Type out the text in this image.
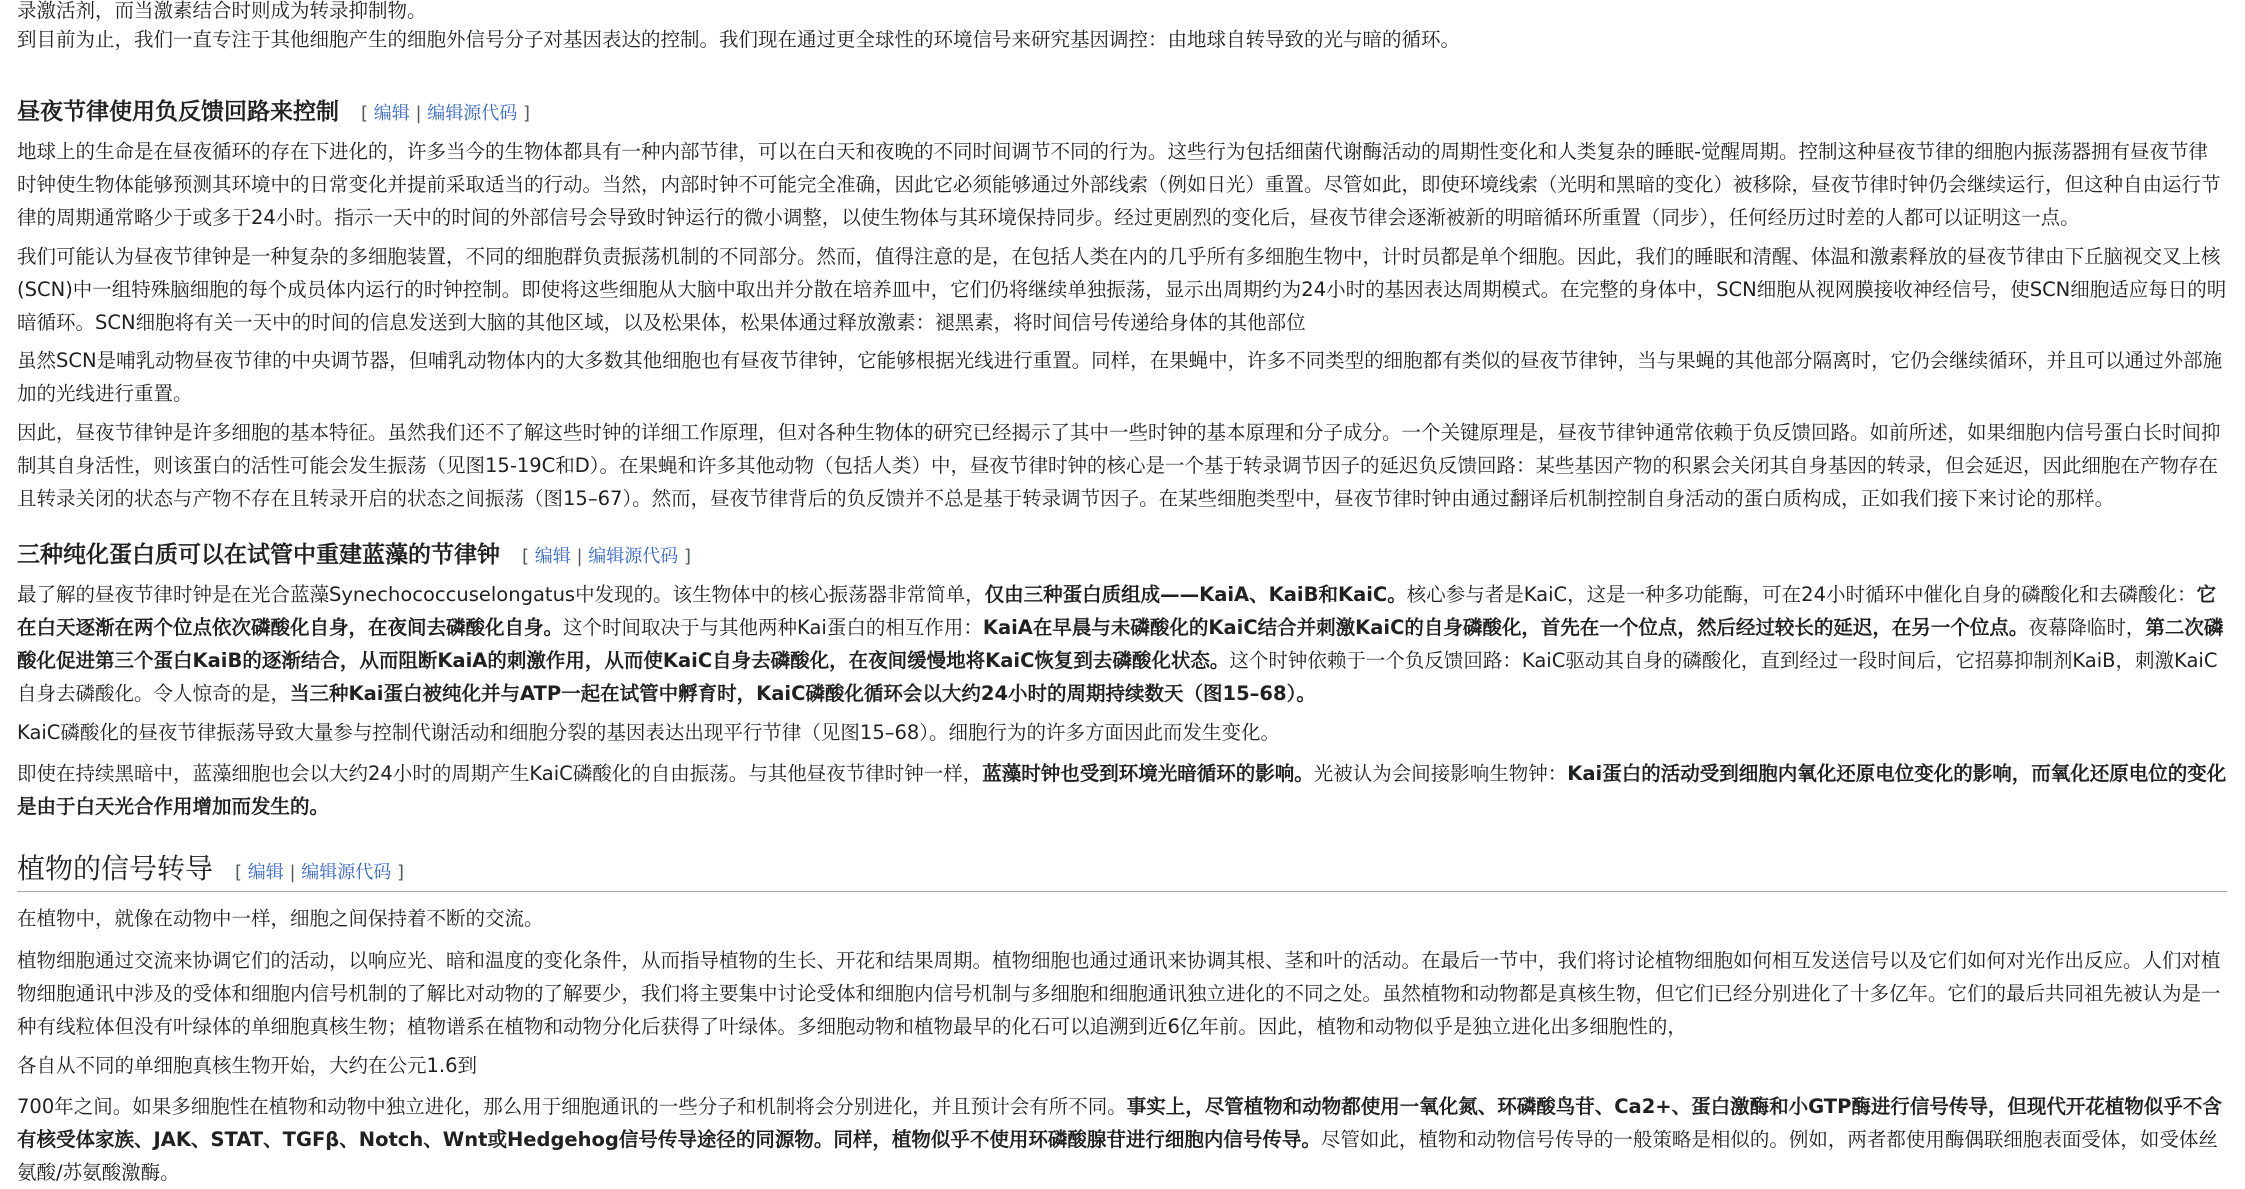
录激活剂，而当激素结合时则成为转录抑制物。

到目前为止，我们一直专注于其他细胞产生的细胞外信号分子对基因表达的控制。我们现在通过更全球性的环境信号来研究基因调控：由地球自转导致的光与暗的循环。

昼夜节律使用负反馈回路来控制 [ 编辑 | 编辑源代码 ]

地球上的生命是在昼夜循环的存在下进化的，许多当今的生物体都具有一种内部节律，可以在白天和夜晚的不同时间调节不同的行为。这些行为包括细菌代谢酶活动的周期性变化和人类复杂的睡眠-觉醒周期。控制这种昼夜节律的细胞内振荡器拥有昼夜节律时钟使生物体能够预测其环境中的日常变化并提前采取适当的行动。当然，内部时钟不可能完全准确，因此它必须能够通过外部线索（例如日光）重置。尽管如此，即使环境线索（光明和黑暗的变化）被移除，昼夜节律时钟仍会继续运行，但这种自由运行节律的周期通常略少于或多于24小时。指示一天中的时间的外部信号会导致时钟运行的微小调整，以使生物体与其环境保持同步。经过更剧烈的变化后，昼夜节律会逐渐被新的明暗循环所重置（同步），任何经历过时差的人都可以证明这一点。

我们可能认为昼夜节律钟是一种复杂的多细胞装置，不同的细胞群负责振荡机制的不同部分。然而，值得注意的是，在包括人类在内的几乎所有多细胞生物中，计时员都是单个细胞。因此，我们的睡眠和清醒、体温和激素释放的昼夜节律由下丘脑视交叉上核(SCN)中一组特殊脑细胞的每个成员体内运行的时钟控制。即使将这些细胞从大脑中取出并分散在培养皿中，它们仍将继续单独振荡，显示出周期约为24小时的基因表达周期模式。在完整的身体中，SCN细胞从视网膜接收神经信号，使SCN细胞适应每日的明暗循环。SCN细胞将有关一天中的时间的信息发送到大脑的其他区域，以及松果体，松果体通过释放激素：褪黑素，将时间信号传递给身体的其他部位

虽然SCN是哺乳动物昼夜节律的中央调节器，但哺乳动物体内的大多数其他细胞也有昼夜节律钟，它能够根据光线进行重置。同样，在果蝇中，许多不同类型的细胞都有类似的昼夜节律钟，当与果蝇的其他部分隔离时，它仍会继续循环，并且可以通过外部施加的光线进行重置。

因此，昼夜节律钟是许多细胞的基本特征。虽然我们还不了解这些时钟的详细工作原理，但对各种生物体的研究已经揭示了其中一些时钟的基本原理和分子成分。一个关键原理是，昼夜节律钟通常依赖于负反馈回路。如前所述，如果细胞内信号蛋白长时间抑制其自身活性，则该蛋白的活性可能会发生振荡（见图15-19C和D）。在果蝇和许多其他动物（包括人类）中，昼夜节律时钟的核心是一个基于转录调节因子的延迟负反馈回路：某些基因产物的积累会关闭其自身基因的转录，但会延迟，因此细胞在产物存在且转录关闭的状态与产物不存在且转录开启的状态之间振荡（图15–67）。然而，昼夜节律背后的负反馈并不总是基于转录调节因子。在某些细胞类型中，昼夜节律时钟由通过翻译后机制控制自身活动的蛋白质构成，正如我们接下来讨论的那样。

三种纯化蛋白质可以在试管中重建蓝藻的节律钟 [ 编辑 | 编辑源代码 ]

最了解的昼夜节律时钟是在光合蓝藻Synechococcuselongatus中发现的。该生物体中的核心振荡器非常简单，仅由三种蛋白质组成——KaiA、KaiB和KaiC。核心参与者是KaiC，这是一种多功能酶，可在24小时循环中催化自身的磷酸化和去磷酸化：它在白天逐渐在两个位点依次磷酸化自身，在夜间去磷酸化自身。这个时间取决于与其他两种Kai蛋白的相互作用：KaiA在早晨与未磷酸化的KaiC结合并刺激KaiC的自身磷酸化，首先在一个位点，然后经过较长的延迟，在另一个位点。夜幕降临时，第二次磷酸化促进第三个蛋白KaiB的逐渐结合，从而阻断KaiA的刺激作用，从而使KaiC自身去磷酸化，在夜间缓慢地将KaiC恢复到去磷酸化状态。这个时钟依赖于一个负反馈回路：KaiC驱动其自身的磷酸化，直到经过一段时间后，它招募抑制剂KaiB，刺激KaiC自身去磷酸化。令人惊奇的是，当三种Kai蛋白被纯化并与ATP一起在试管中孵育时，KaiC磷酸化循环会以大约24小时的周期持续数天（图15–68）。

KaiC磷酸化的昼夜节律振荡导致大量参与控制代谢活动和细胞分裂的基因表达出现平行节律（见图15–68）。细胞行为的许多方面因此而发生变化。

即使在持续黑暗中，蓝藻细胞也会以大约24小时的周期产生KaiC磷酸化的自由振荡。与其他昼夜节律时钟一样，蓝藻时钟也受到环境光暗循环的影响。光被认为会间接影响生物钟：Kai蛋白的活动受到细胞内氧化还原电位变化的影响，而氧化还原电位的变化是由于白天光合作用增加而发生的。

植物的信号转导 [ 编辑 | 编辑源代码 ]

在植物中，就像在动物中一样，细胞之间保持着不断的交流。

植物细胞通过交流来协调它们的活动，以响应光、暗和温度的变化条件，从而指导植物的生长、开花和结果周期。植物细胞也通过通讯来协调其根、茎和叶的活动。在最后一节中，我们将讨论植物细胞如何相互发送信号以及它们如何对光作出反应。人们对植物细胞通讯中涉及的受体和细胞内信号机制的了解比对动物的了解要少，我们将主要集中讨论受体和细胞内信号机制与多细胞和细胞通讯独立进化的不同之处。虽然植物和动物都是真核生物，但它们已经分别进化了十多亿年。它们的最后共同祖先被认为是一种有线粒体但没有叶绿体的单细胞真核生物；植物谱系在植物和动物分化后获得了叶绿体。多细胞动物和植物最早的化石可以追溯到近6亿年前。因此，植物和动物似乎是独立进化出多细胞性的，

各自从不同的单细胞真核生物开始，大约在公元1.6到

700年之间。如果多细胞性在植物和动物中独立进化，那么用于细胞通讯的一些分子和机制将会分别进化，并且预计会有所不同。事实上，尽管植物和动物都使用一氧化氮、环磷酸鸟苷、Ca2+、蛋白激酶和小GTP酶进行信号传导，但现代开花植物似乎不含有核受体家族、JAK、STAT、TGFβ、Notch、Wnt或Hedgehog信号传导途径的同源物。同样，植物似乎不使用环磷酸腺苷进行细胞内信号传导。尽管如此，植物和动物信号传导的一般策略是相似的。例如，两者都使用酶偶联细胞表面受体，如受体丝氨酸/苏氨酸激酶。
